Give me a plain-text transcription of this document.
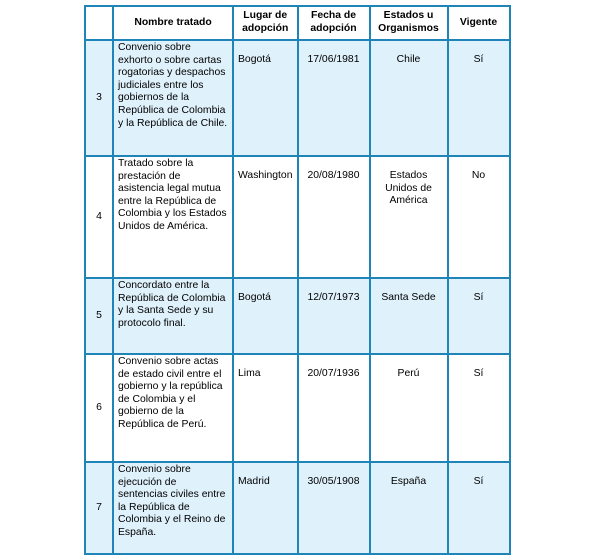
	Nombre tratado	Lugar de adopción	Fecha de adopción	Estados u Organismos	Vigente
3	Convenio sobre exhorto o sobre cartas rogatorias y despachos judiciales entre los gobiernos de la República de Colombia y la República de Chile.	Bogotá	17/06/1981	Chile	Sí
4	Tratado sobre la prestación de asistencia legal mutua entre la República de Colombia y los Estados Unidos de América.	Washington	20/08/1980	Estados Unidos de América	No
5	Concordato entre la República de Colombia y la Santa Sede y su protocolo final.	Bogotá	12/07/1973	Santa Sede	Sí
6	Convenio sobre actas de estado civil entre el gobierno y la república de Colombia y el gobierno de la República de Perú.	Lima	20/07/1936	Perú	Sí
7	Convenio sobre ejecución de sentencias civiles entre la República de Colombia y el Reino de España.	Madrid	30/05/1908	España	Sí
